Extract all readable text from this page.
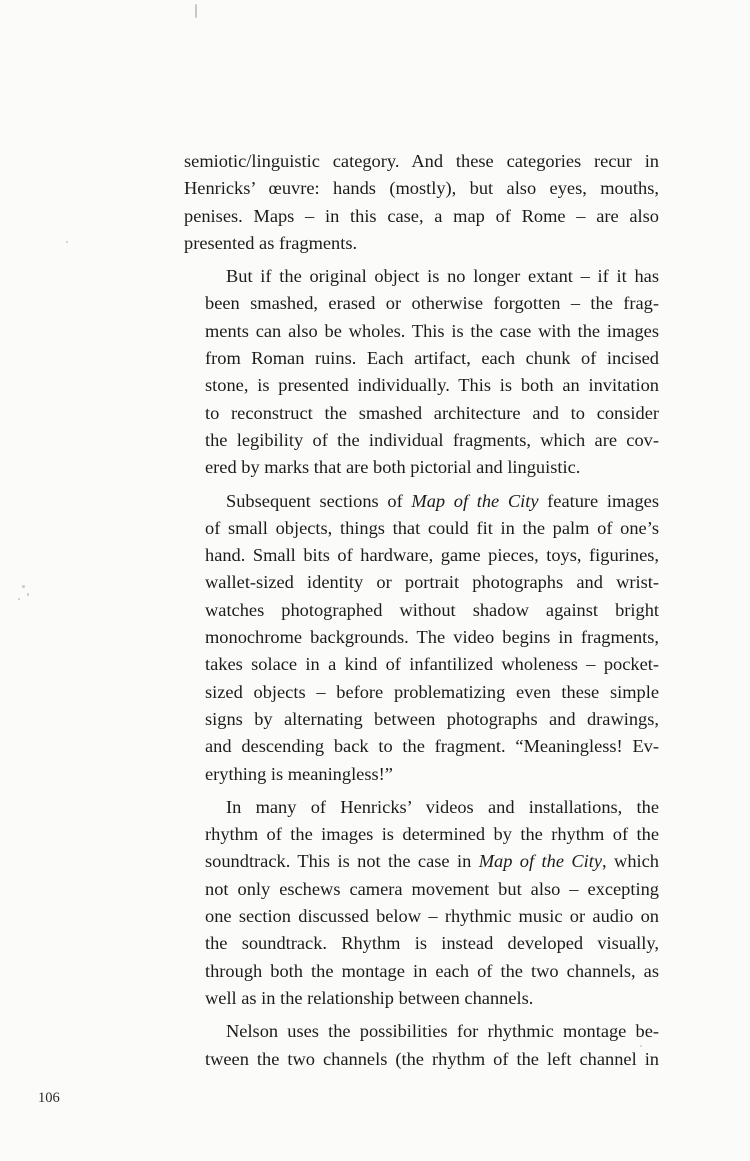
semiotic/linguistic category. And these categories recur in
Henricks’ œuvre: hands (mostly), but also eyes, mouths,
penises. Maps – in this case, a map of Rome – are also
presented as fragments.

But if the original object is no longer extant – if it has
been smashed, erased or otherwise forgotten – the frag-
ments can also be wholes. This is the case with the images
from Roman ruins. Each artifact, each chunk of incised
stone, is presented individually. This is both an invitation
to reconstruct the smashed architecture and to consider
the legibility of the individual fragments, which are cov-
ered by marks that are both pictorial and linguistic.

Subsequent sections of Map of the City feature images
of small objects, things that could fit in the palm of one’s
hand. Small bits of hardware, game pieces, toys, figurines,
wallet-sized identity or portrait photographs and wrist-
watches photographed without shadow against bright
monochrome backgrounds. The video begins in fragments,
takes solace in a kind of infantilized wholeness – pocket-
sized objects – before problematizing even these simple
signs by alternating between photographs and drawings,
and descending back to the fragment. “Meaningless! Ev-
erything is meaningless!”

In many of Henricks’ videos and installations, the
rhythm of the images is determined by the rhythm of the
soundtrack. This is not the case in Map of the City, which
not only eschews camera movement but also – excepting
one section discussed below – rhythmic music or audio on
the soundtrack. Rhythm is instead developed visually,
through both the montage in each of the two channels, as
well as in the relationship between channels.

Nelson uses the possibilities for rhythmic montage be-
tween the two channels (the rhythm of the left channel in

106
